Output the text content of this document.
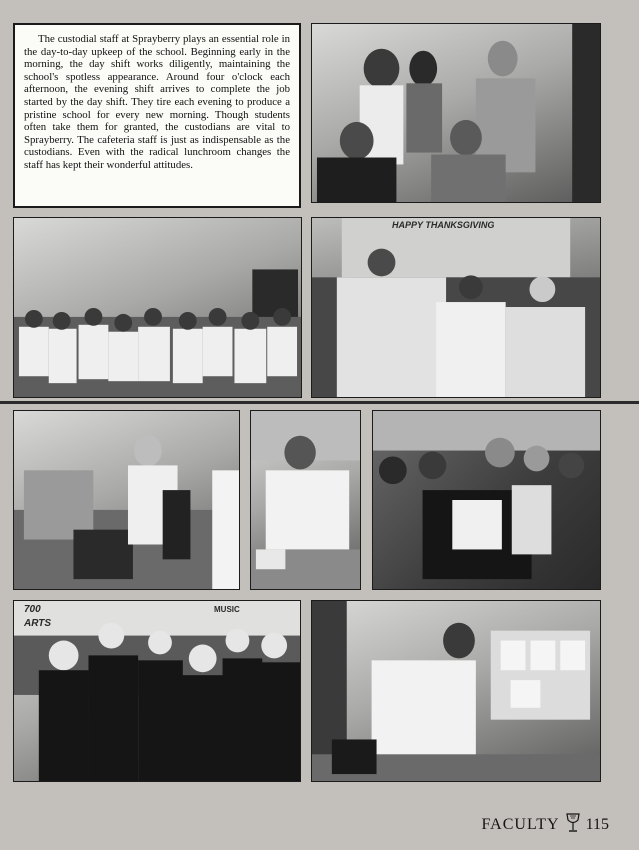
The custodial staff at Sprayberry plays an essential role in the day-to-day upkeep of the school. Beginning early in the morning, the day shift works diligently, maintaining the school's spotless appearance. Around four o'clock each afternoon, the evening shift arrives to complete the job started by the day shift. They tire each evening to produce a pristine school for every new morning. Though students often take them for granted, the custodians are vital to Sprayberry. The cafeteria staff is just as indispensable as the custodians. Even with the radical lunchroom changes the staff has kept their wonderful attitudes.
HAPPY THANKSGIVING
700
ARTS
MUSIC
FACULTY 115
